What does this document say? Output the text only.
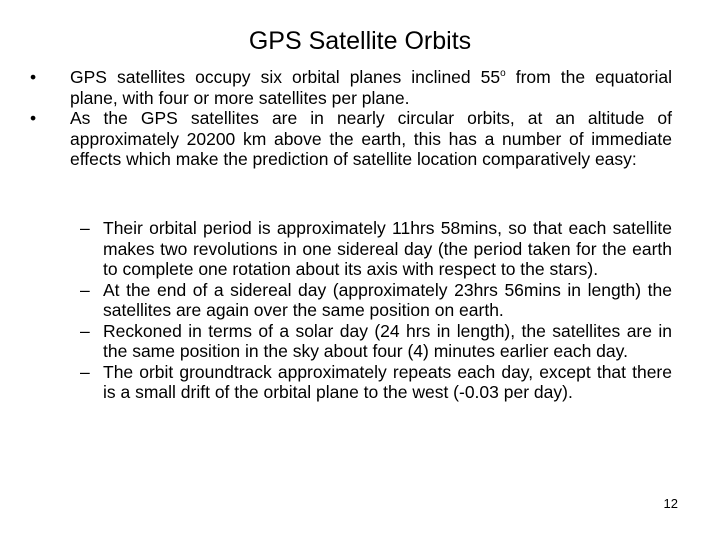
GPS Satellite Orbits
• GPS satellites occupy six orbital planes inclined 55$^o$ from the equatorial plane, with four or more satellites per plane.
• As the GPS satellites are in nearly circular orbits, at an altitude of approximately 20200 km above the earth, this has a number of immediate effects which make the prediction of satellite location comparatively easy:
– Their orbital period is approximately 11hrs 58mins, so that each satellite makes two revolutions in one sidereal day (the period taken for the earth to complete one rotation about its axis with respect to the stars).
– At the end of a sidereal day (approximately 23hrs 56mins in length) the satellites are again over the same position on earth.
– Reckoned in terms of a solar day (24 hrs in length), the satellites are in the same position in the sky about four (4) minutes earlier each day.
– The orbit groundtrack approximately repeats each day, except that there is a small drift of the orbital plane to the west (-0.03 per day).
12
